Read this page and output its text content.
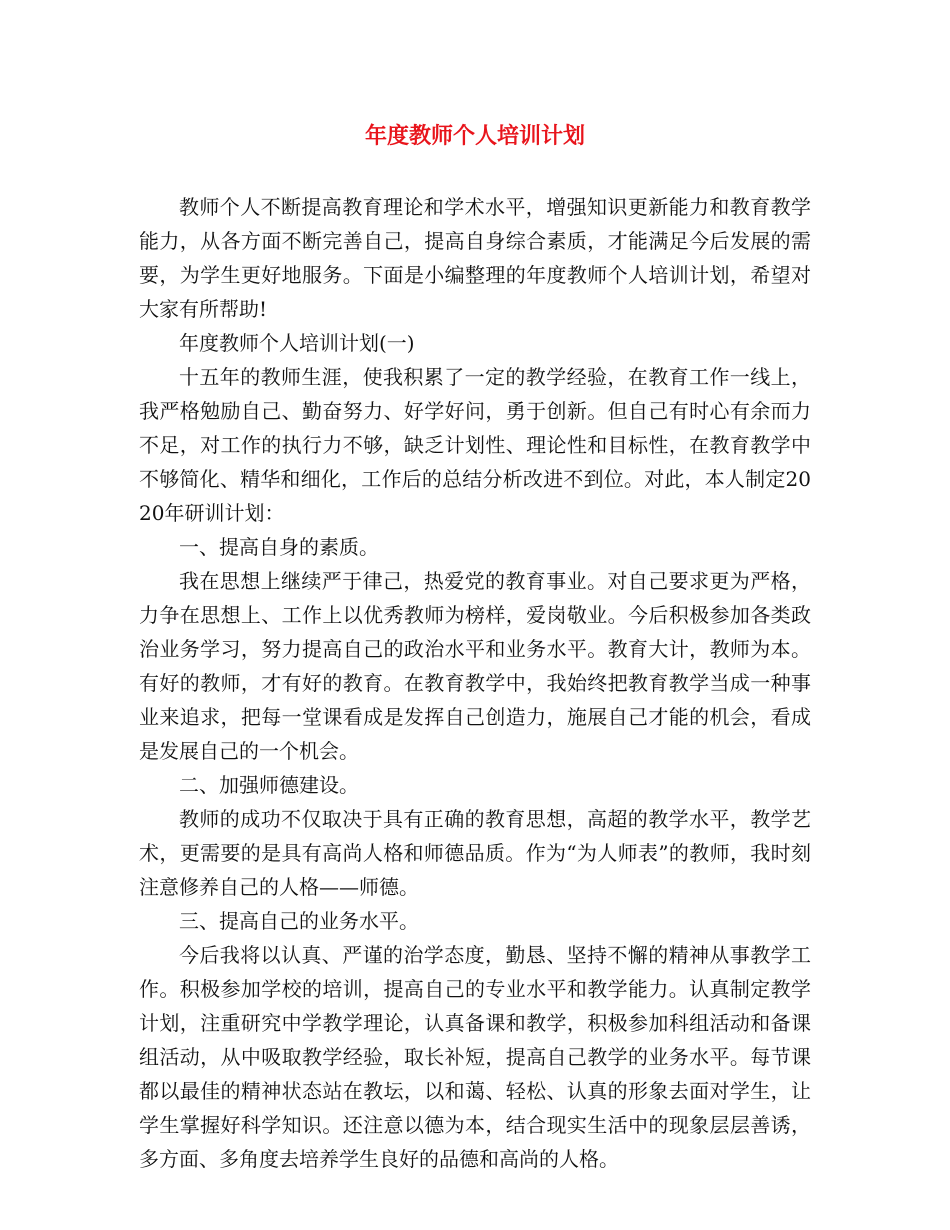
年度教师个人培训计划

教师个人不断提高教育理论和学术水平，增强知识更新能力和教育教学能力，从各方面不断完善自己，提高自身综合素质，才能满足今后发展的需要，为学生更好地服务。下面是小编整理的年度教师个人培训计划，希望对大家有所帮助!

年度教师个人培训计划(一)

十五年的教师生涯，使我积累了一定的教学经验，在教育工作一线上，我严格勉励自己、勤奋努力、好学好问，勇于创新。但自己有时心有余而力不足，对工作的执行力不够，缺乏计划性、理论性和目标性，在教育教学中不够简化、精华和细化，工作后的总结分析改进不到位。对此，本人制定2020年研训计划：

一、提高自身的素质。

我在思想上继续严于律己，热爱党的教育事业。对自己要求更为严格，力争在思想上、工作上以优秀教师为榜样，爱岗敬业。今后积极参加各类政治业务学习，努力提高自己的政治水平和业务水平。教育大计，教师为本。有好的教师，才有好的教育。在教育教学中，我始终把教育教学当成一种事业来追求，把每一堂课看成是发挥自己创造力，施展自己才能的机会，看成是发展自己的一个机会。

二、加强师德建设。

教师的成功不仅取决于具有正确的教育思想，高超的教学水平，教学艺术，更需要的是具有高尚人格和师德品质。作为“为人师表”的教师，我时刻注意修养自己的人格——师德。

三、提高自己的业务水平。

今后我将以认真、严谨的治学态度，勤恳、坚持不懈的精神从事教学工作。积极参加学校的培训，提高自己的专业水平和教学能力。认真制定教学计划，注重研究中学教学理论，认真备课和教学，积极参加科组活动和备课组活动，从中吸取教学经验，取长补短，提高自己教学的业务水平。每节课都以最佳的精神状态站在教坛，以和蔼、轻松、认真的形象去面对学生，让学生掌握好科学知识。还注意以德为本，结合现实生活中的现象层层善诱，多方面、多角度去培养学生良好的品德和高尚的人格。
